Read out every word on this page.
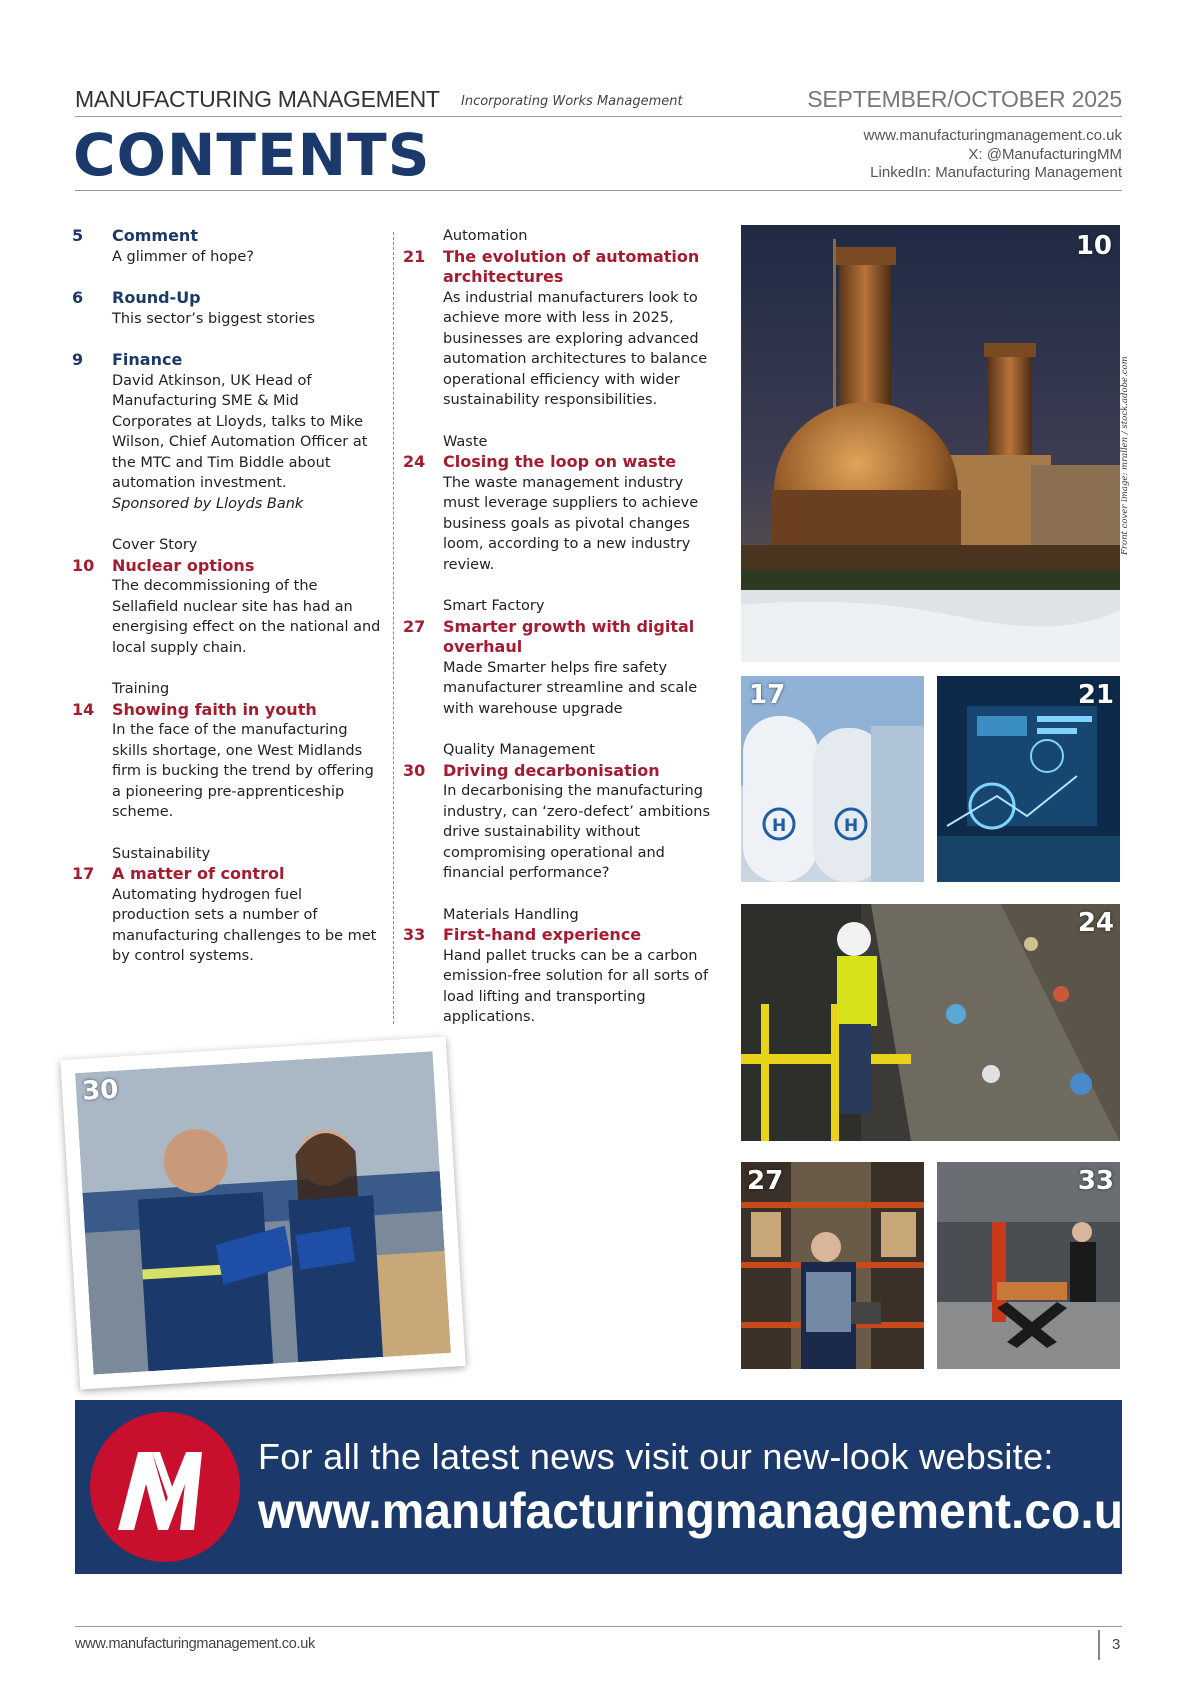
MANUFACTURING MANAGEMENT Incorporating Works Management	SEPTEMBER/OCTOBER 2025
CONTENTS	www.manufacturingmanagement.co.uk
X: @ManufacturingMM
LinkedIn: Manufacturing Management
5 Comment
A glimmer of hope?
6 Round-Up
This sector’s biggest stories
9 Finance
David Atkinson, UK Head of Manufacturing SME & Mid Corporates at Lloyds, talks to Mike Wilson, Chief Automation Officer at the MTC and Tim Biddle about automation investment.
Sponsored by Lloyds Bank
Cover Story
10 Nuclear options
The decommissioning of the Sellafield nuclear site has had an energising effect on the national and local supply chain.
Training
14 Showing faith in youth
In the face of the manufacturing skills shortage, one West Midlands firm is bucking the trend by offering a pioneering pre-apprenticeship scheme.
Sustainability
17 A matter of control
Automating hydrogen fuel production sets a number of manufacturing challenges to be met by control systems.
Automation
21 The evolution of automation architectures
As industrial manufacturers look to achieve more with less in 2025, businesses are exploring advanced automation architectures to balance operational efficiency with wider sustainability responsibilities.
Waste
24 Closing the loop on waste
The waste management industry must leverage suppliers to achieve business goals as pivotal changes loom, according to a new industry review.
Smart Factory
27 Smarter growth with digital overhaul
Made Smarter helps fire safety manufacturer streamline and scale with warehouse upgrade
Quality Management
30 Driving decarbonisation
In decarbonising the manufacturing industry, can ‘zero-defect’ ambitions drive sustainability without compromising operational and financial performance?
Materials Handling
33 First-hand experience
Hand pallet trucks can be a carbon emission-free solution for all sorts of load lifting and transporting applications.
10
Front cover image: mrallen / stock.adobe.com
H	H
17	21
24
27	33
30
For all the latest news visit our new-look website:
www.manufacturingmanagement.co.uk
www.manufacturingmanagement.co.uk	3
